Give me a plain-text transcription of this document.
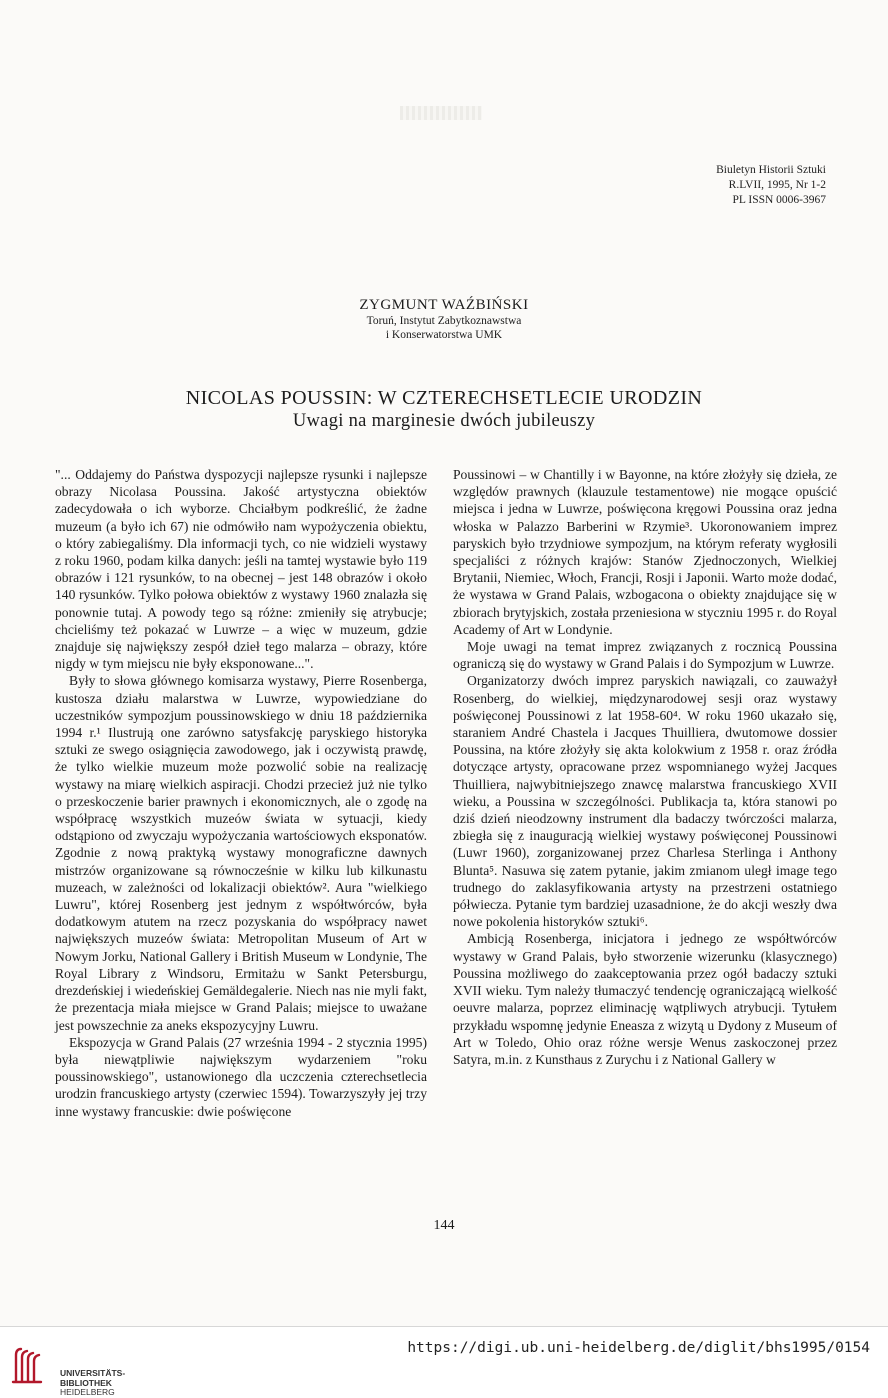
Biuletyn Historii Sztuki
R.LVII, 1995, Nr 1-2
PL ISSN 0006-3967
ZYGMUNT WAŹBIŃSKI
Toruń, Instytut Zabytkoznawstwa
i Konserwatorstwa UMK
NICOLAS POUSSIN: W CZTERECHSETLECIE URODZIN
Uwagi na marginesie dwóch jubileuszy

"... Oddajemy do Państwa dyspozycji najlepsze rysunki i najlepsze obrazy Nicolasa Poussina. Jakość artystyczna obiektów zadecydowała o ich wyborze. Chciałbym podkreślić, że żadne muzeum (a było ich 67) nie odmówiło nam wypożyczenia obiektu, o który zabiegaliśmy. Dla informacji tych, co nie widzieli wystawy z roku 1960, podam kilka danych: jeśli na tamtej wystawie było 119 obrazów i 121 rysunków, to na obecnej – jest 148 obrazów i około 140 rysunków. Tylko połowa obiektów z wystawy 1960 znalazła się ponownie tutaj. A powody tego są różne: zmieniły się atrybucje; chcieliśmy też pokazać w Luwrze – a więc w muzeum, gdzie znajduje się największy zespół dzieł tego malarza – obrazy, które nigdy w tym miejscu nie były eksponowane...".

Były to słowa głównego komisarza wystawy, Pierre Rosenberga, kustosza działu malarstwa w Luwrze, wypowiedziane do uczestników sympozjum poussinowskiego w dniu 18 października 1994 r.¹ Ilustrują one zarówno satysfakcję paryskiego historyka sztuki ze swego osiągnięcia zawodowego, jak i oczywistą prawdę, że tylko wielkie muzeum może pozwolić sobie na realizację wystawy na miarę wielkich aspiracji. Chodzi przecież już nie tylko o przeskoczenie barier prawnych i ekonomicznych, ale o zgodę na współpracę wszystkich muzeów świata w sytuacji, kiedy odstąpiono od zwyczaju wypożyczania wartościowych eksponatów. Zgodnie z nową praktyką wystawy monograficzne dawnych mistrzów organizowane są równocześnie w kilku lub kilkunastu muzeach, w zależności od lokalizacji obiektów². Aura "wielkiego Luwru", której Rosenberg jest jednym z współtwórców, była dodatkowym atutem na rzecz pozyskania do współpracy nawet największych muzeów świata: Metropolitan Museum of Art w Nowym Jorku, National Gallery i British Museum w Londynie, The Royal Library z Windsoru, Ermitażu w Sankt Petersburgu, drezdeńskiej i wiedeńskiej Gemäldegalerie. Niech nas nie myli fakt, że prezentacja miała miejsce w Grand Palais; miejsce to uważane jest powszechnie za aneks ekspozycyjny Luwru.

Ekspozycja w Grand Palais (27 września 1994 - 2 stycznia 1995) była niewątpliwie największym wydarzeniem "roku poussinowskiego", ustanowionego dla uczczenia czterechsetlecia urodzin francuskiego artysty (czerwiec 1594). Towarzyszyły jej trzy inne wystawy francuskie: dwie poświęcone

Poussinowi – w Chantilly i w Bayonne, na które złożyły się dzieła, ze względów prawnych (klauzule testamentowe) nie mogące opuścić miejsca i jedna w Luwrze, poświęcona kręgowi Poussina oraz jedna włoska w Palazzo Barberini w Rzymie³. Ukoronowaniem imprez paryskich było trzydniowe sympozjum, na którym referaty wygłosili specjaliści z różnych krajów: Stanów Zjednoczonych, Wielkiej Brytanii, Niemiec, Włoch, Francji, Rosji i Japonii. Warto może dodać, że wystawa w Grand Palais, wzbogacona o obiekty znajdujące się w zbiorach brytyjskich, została przeniesiona w styczniu 1995 r. do Royal Academy of Art w Londynie.

Moje uwagi na temat imprez związanych z rocznicą Poussina ograniczą się do wystawy w Grand Palais i do Sympozjum w Luwrze.

Organizatorzy dwóch imprez paryskich nawiązali, co zauważył Rosenberg, do wielkiej, międzynarodowej sesji oraz wystawy poświęconej Poussinowi z lat 1958-60⁴. W roku 1960 ukazało się, staraniem André Chastela i Jacques Thuilliera, dwutomowe dossier Poussina, na które złożyły się akta kolokwium z 1958 r. oraz źródła dotyczące artysty, opracowane przez wspomnianego wyżej Jacques Thuilliera, najwybitniejszego znawcę malarstwa francuskiego XVII wieku, a Poussina w szczególności. Publikacja ta, która stanowi po dziś dzień nieodzowny instrument dla badaczy twórczości malarza, zbiegła się z inauguracją wielkiej wystawy poświęconej Poussinowi (Luwr 1960), zorganizowanej przez Charlesa Sterlinga i Anthony Blunta⁵. Nasuwa się zatem pytanie, jakim zmianom uległ image tego trudnego do zaklasyfikowania artysty na przestrzeni ostatniego półwiecza. Pytanie tym bardziej uzasadnione, że do akcji weszły dwa nowe pokolenia historyków sztuki⁶.

Ambicją Rosenberga, inicjatora i jednego ze współtwórców wystawy w Grand Palais, było stworzenie wizerunku (klasycznego) Poussina możliwego do zaakceptowania przez ogół badaczy sztuki XVII wieku. Tym należy tłumaczyć tendencję ograniczającą wielkość oeuvre malarza, poprzez eliminację wątpliwych atrybucji. Tytułem przykładu wspomnę jedynie Eneasza z wizytą u Dydony z Museum of Art w Toledo, Ohio oraz różne wersje Wenus zaskoczonej przez Satyra, m.in. z Kunsthaus z Zurychu i z National Gallery w

144
UNIVERSITÄTS-
BIBLIOTHEK
HEIDELBERG
https://digi.ub.uni-heidelberg.de/diglit/bhs1995/0154
